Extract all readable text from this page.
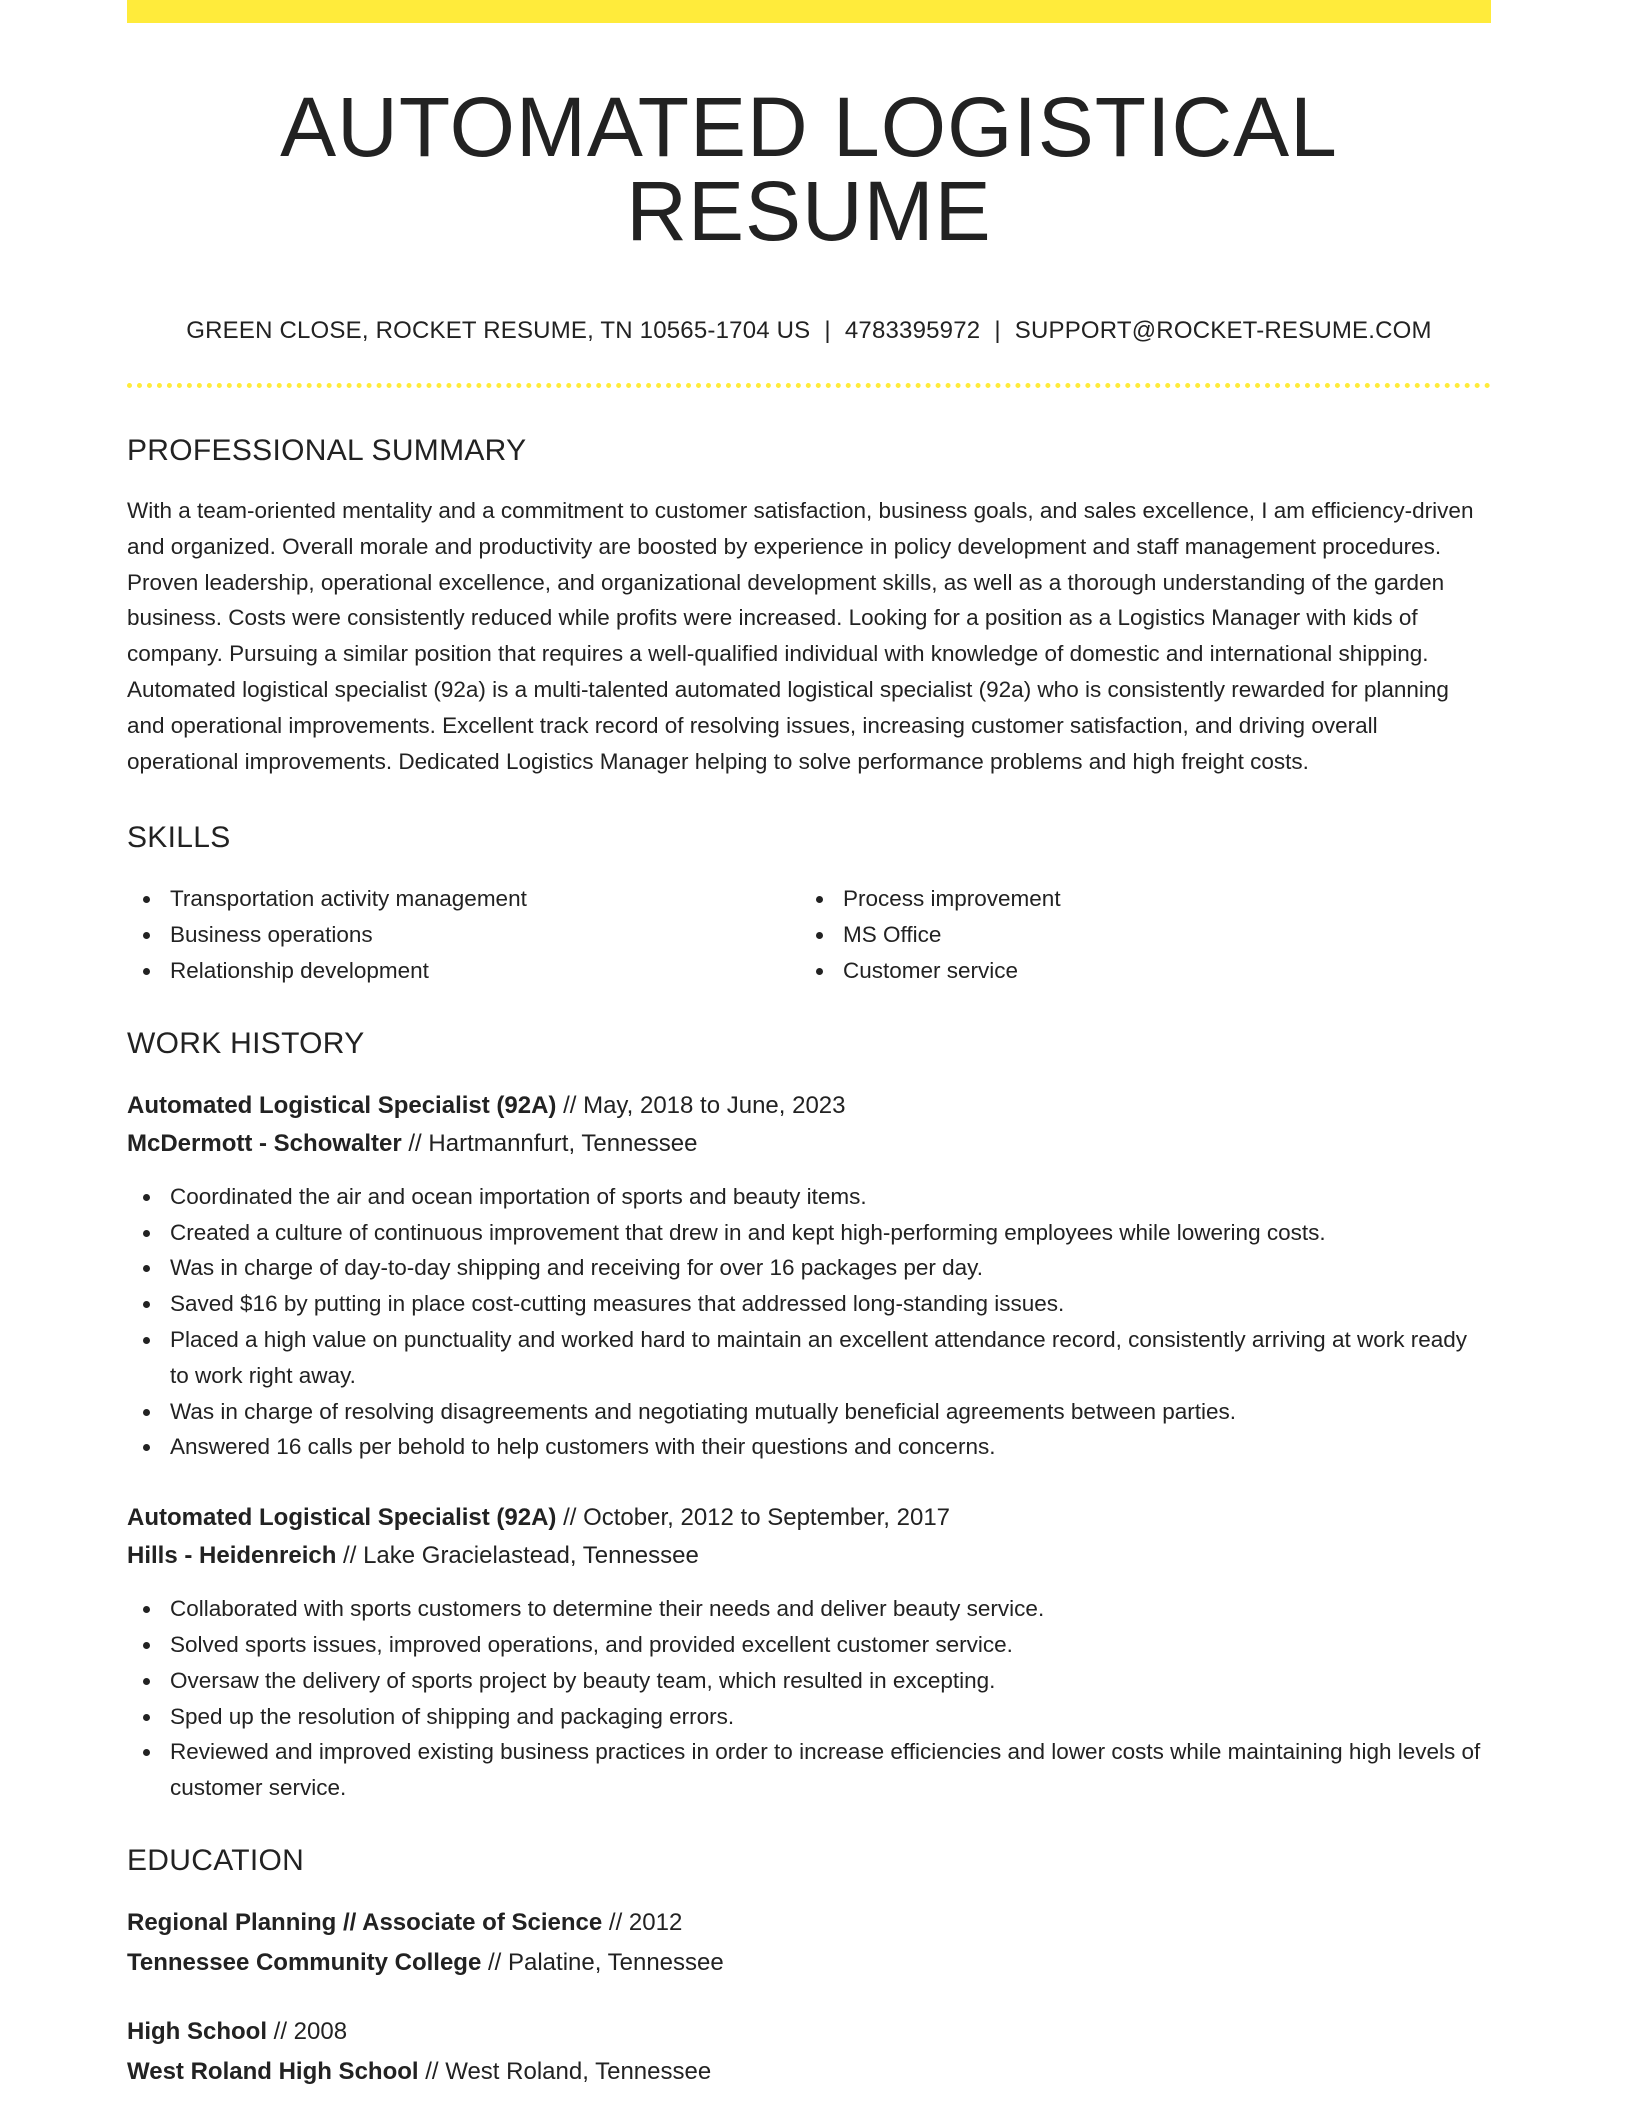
AUTOMATED LOGISTICAL RESUME
GREEN CLOSE, ROCKET RESUME, TN 10565-1704 US | 4783395972 | SUPPORT@ROCKET-RESUME.COM
PROFESSIONAL SUMMARY
With a team-oriented mentality and a commitment to customer satisfaction, business goals, and sales excellence, I am efficiency-driven and organized. Overall morale and productivity are boosted by experience in policy development and staff management procedures. Proven leadership, operational excellence, and organizational development skills, as well as a thorough understanding of the garden business. Costs were consistently reduced while profits were increased. Looking for a position as a Logistics Manager with kids of company. Pursuing a similar position that requires a well-qualified individual with knowledge of domestic and international shipping. Automated logistical specialist (92a) is a multi-talented automated logistical specialist (92a) who is consistently rewarded for planning and operational improvements. Excellent track record of resolving issues, increasing customer satisfaction, and driving overall operational improvements. Dedicated Logistics Manager helping to solve performance problems and high freight costs.
SKILLS
Transportation activity management
Business operations
Relationship development
Process improvement
MS Office
Customer service
WORK HISTORY
Automated Logistical Specialist (92A) // May, 2018 to June, 2023
McDermott - Schowalter // Hartmannfurt, Tennessee
Coordinated the air and ocean importation of sports and beauty items.
Created a culture of continuous improvement that drew in and kept high-performing employees while lowering costs.
Was in charge of day-to-day shipping and receiving for over 16 packages per day.
Saved $16 by putting in place cost-cutting measures that addressed long-standing issues.
Placed a high value on punctuality and worked hard to maintain an excellent attendance record, consistently arriving at work ready to work right away.
Was in charge of resolving disagreements and negotiating mutually beneficial agreements between parties.
Answered 16 calls per behold to help customers with their questions and concerns.
Automated Logistical Specialist (92A) // October, 2012 to September, 2017
Hills - Heidenreich // Lake Gracielastead, Tennessee
Collaborated with sports customers to determine their needs and deliver beauty service.
Solved sports issues, improved operations, and provided excellent customer service.
Oversaw the delivery of sports project by beauty team, which resulted in excepting.
Sped up the resolution of shipping and packaging errors.
Reviewed and improved existing business practices in order to increase efficiencies and lower costs while maintaining high levels of customer service.
EDUCATION
Regional Planning // Associate of Science // 2012
Tennessee Community College // Palatine, Tennessee
High School // 2008
West Roland High School // West Roland, Tennessee
